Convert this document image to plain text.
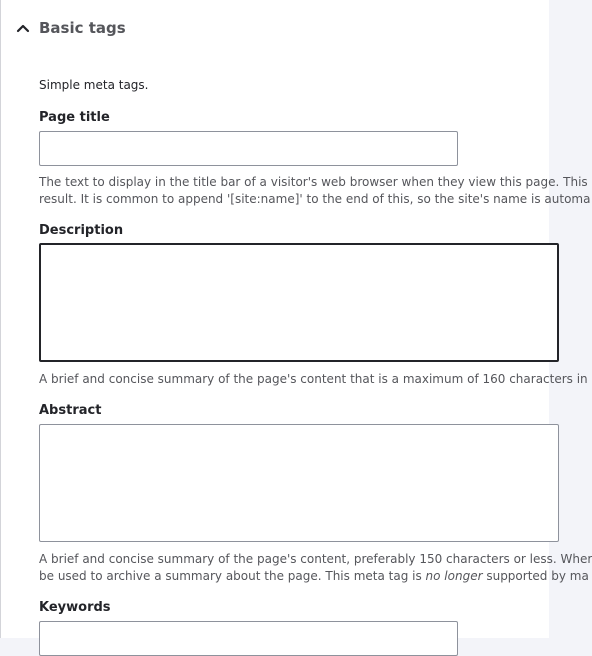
Basic tags
Simple meta tags.
Page title
The text to display in the title bar of a visitor's web browser when they view this page. This
result. It is common to append '[site:name]' to the end of this, so the site's name is automa
Description
A brief and concise summary of the page's content that is a maximum of 160 characters in
Abstract
A brief and concise summary of the page's content, preferably 150 characters or less. Wher
be used to archive a summary about the page. This meta tag is no longer supported by ma
Keywords
